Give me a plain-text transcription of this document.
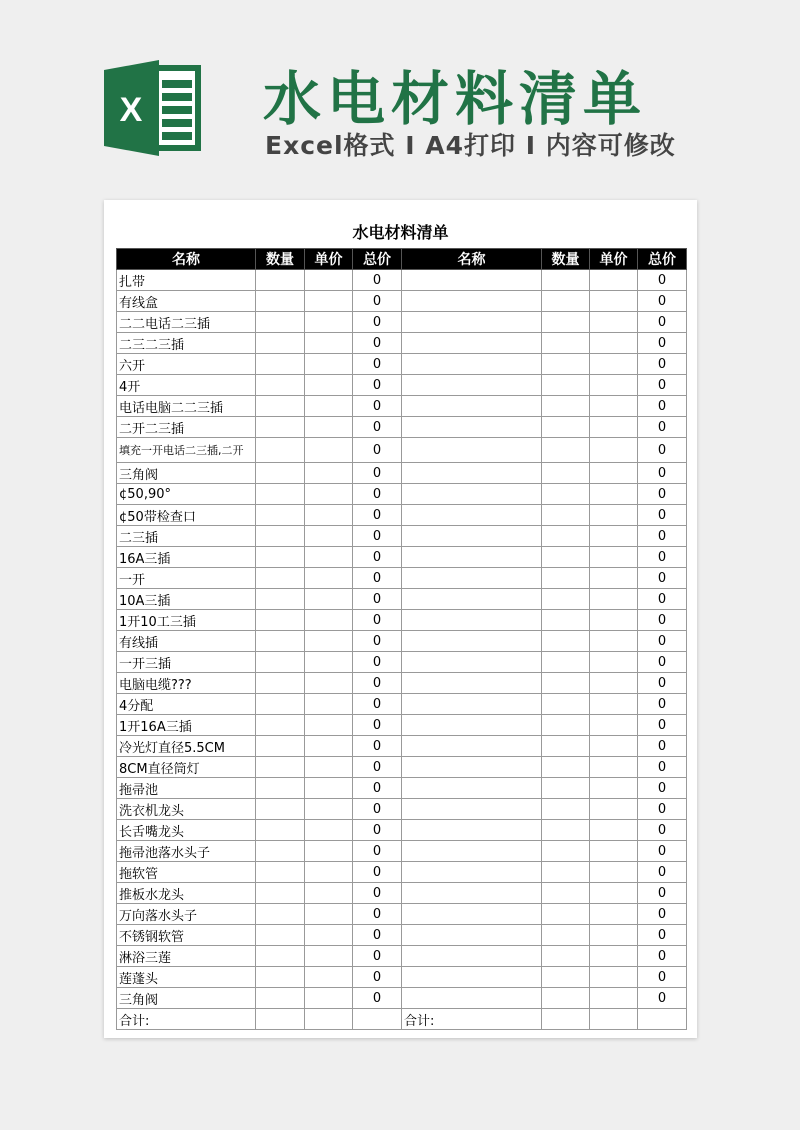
X 水电材料清单
Excel格式 I A4打印 I 内容可修改
水电材料清单
名称	数量	单价	总价	名称	数量	单价	总价
扎带			0				0
有线盒			0				0
二二电话二三插			0				0
二三二三插			0				0
六开			0				0
4开			0				0
电话电脑二二三插			0				0
二开二三插			0				0
填充一开电话二三插,二开			0				0
三角阀			0				0
¢50,90°			0				0
¢50带检查口			0				0
二三插			0				0
16A三插			0				0
一开			0				0
10A三插			0				0
1开10工三插			0				0
有线插			0				0
一开三插			0				0
电脑电缆???			0				0
4分配			0				0
1开16A三插			0				0
冷光灯直径5.5CM			0				0
8CM直径筒灯			0				0
拖帚池			0				0
洗衣机龙头			0				0
长舌嘴龙头			0				0
拖帚池落水头子			0				0
拖软管			0				0
推板水龙头			0				0
万向落水头子			0				0
不锈钢软管			0				0
淋浴三莲			0				0
莲蓬头			0				0
三角阀			0				0
合计:				合计:			
